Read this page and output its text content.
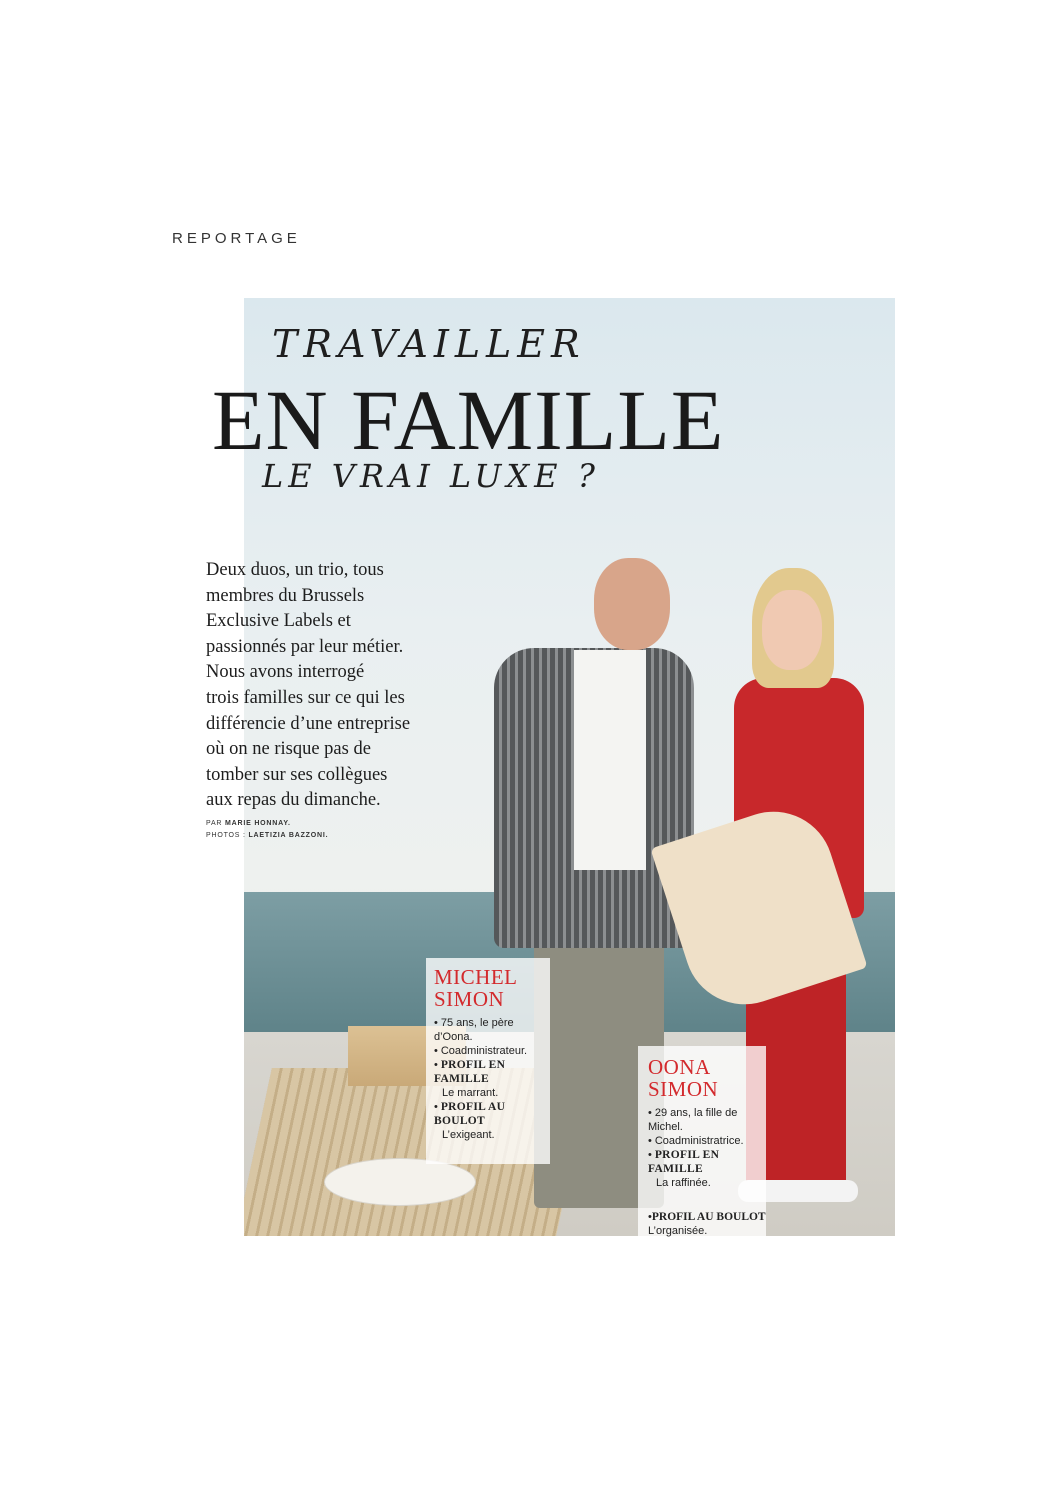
REPORTAGE
TRAVAILLER
EN FAMILLE
LE VRAI LUXE ?
Deux duos, un trio, tous
membres du Brussels
Exclusive Labels et
passionnés par leur métier.
Nous avons interrogé
trois familles sur ce qui les
différencie d’une entreprise
où on ne risque pas de
tomber sur ses collègues
aux repas du dimanche.
PAR MARIE HONNAY.
PHOTOS : LAETIZIA BAZZONI.
MICHEL
SIMON
• 75 ans, le père d’Oona.
• Coadministrateur.
• PROFIL EN FAMILLE
Le marrant.
• PROFIL AU BOULOT
L’exigeant.
OONA
SIMON
• 29 ans, la fille de Michel.
• Coadministratrice.
• PROFIL EN FAMILLE
La raffinée.
•PROFIL AU BOULOT
L’organisée.
